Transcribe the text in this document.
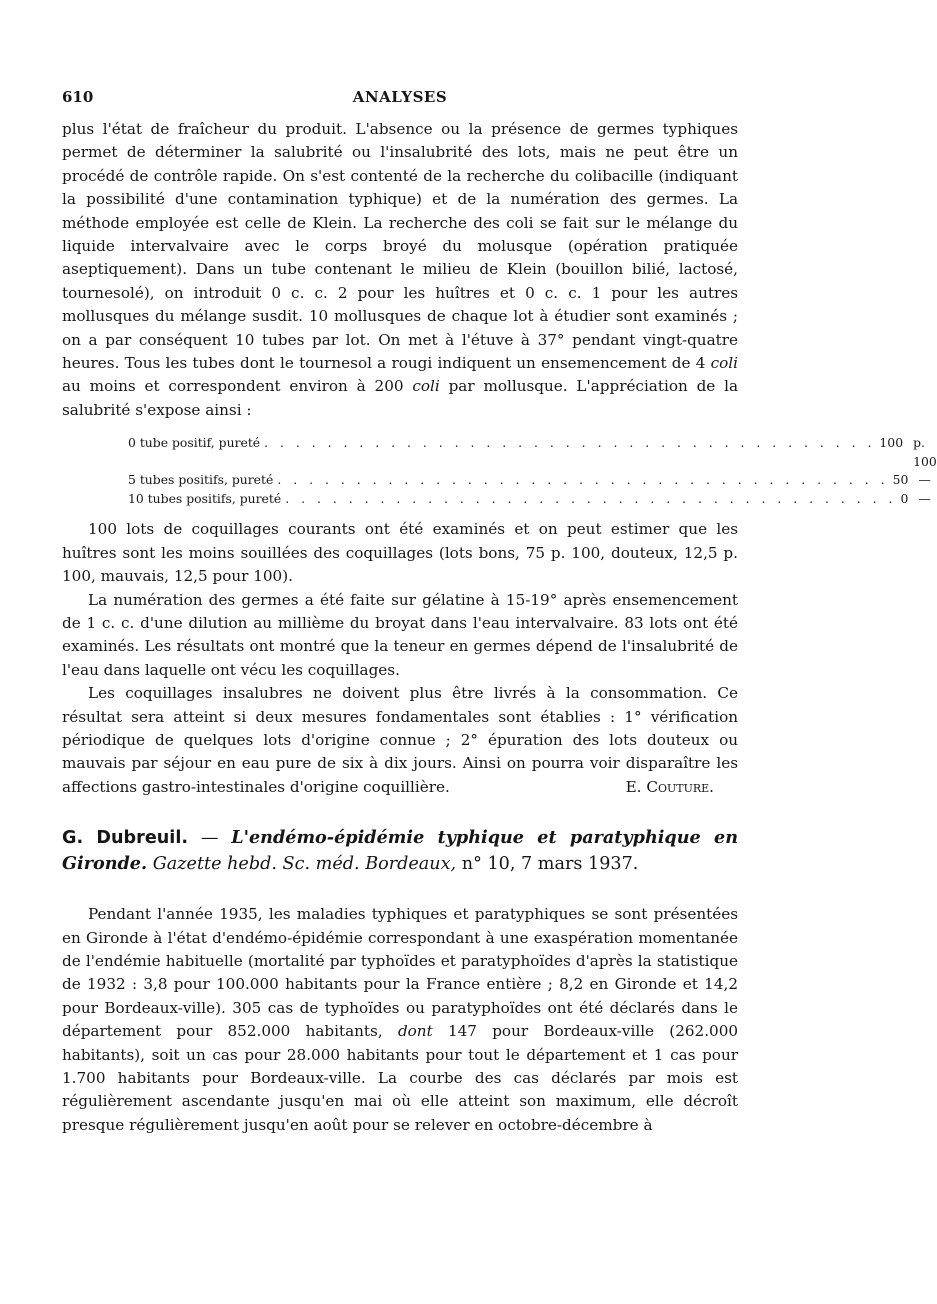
610	ANALYSES

plus l'état de fraîcheur du produit. L'absence ou la présence de germes typhiques permet de déterminer la salubrité ou l'insalubrité des lots, mais ne peut être un procédé de contrôle rapide. On s'est contenté de la recherche du colibacille (indiquant la possibilité d'une contamination typhique) et de la numération des germes. La méthode employée est celle de Klein. La recherche des coli se fait sur le mélange du liquide intervalvaire avec le corps broyé du molusque (opération pratiquée aseptiquement). Dans un tube contenant le milieu de Klein (bouillon bilié, lactosé, tournesolé), on introduit 0 c. c. 2 pour les huîtres et 0 c. c. 1 pour les autres mollusques du mélange susdit. 10 mollusques de chaque lot à étudier sont examinés ; on a par conséquent 10 tubes par lot. On met à l'étuve à 37° pendant vingt-quatre heures. Tous les tubes dont le tournesol a rougi indiquent un ensemencement de 4 coli au moins et correspondent environ à 200 coli par mollusque. L'appréciation de la salubrité s'expose ainsi :

0 tube positif, pureté . . . . . . . . . . . . . . . . . . . . . . . . . . . . . . . . . . . . . . . 100 p. 100
5 tubes positifs, pureté . . . . . . . . . . . . . . . . . . . . . . . . . . . . . . . . . . . . . . . 50 —
10 tubes positifs, pureté . . . . . . . . . . . . . . . . . . . . . . . . . . . . . . . . . . . . . . . 0 —

100 lots de coquillages courants ont été examinés et on peut estimer que les huîtres sont les moins souillées des coquillages (lots bons, 75 p. 100, douteux, 12,5 p. 100, mauvais, 12,5 pour 100).

La numération des germes a été faite sur gélatine à 15-19° après ensemencement de 1 c. c. d'une dilution au millième du broyat dans l'eau intervalvaire. 83 lots ont été examinés. Les résultats ont montré que la teneur en germes dépend de l'insalubrité de l'eau dans laquelle ont vécu les coquillages.

Les coquillages insalubres ne doivent plus être livrés à la consommation. Ce résultat sera atteint si deux mesures fondamentales sont établies : 1° vérification périodique de quelques lots d'origine connue ; 2° épuration des lots douteux ou mauvais par séjour en eau pure de six à dix jours. Ainsi on pourra voir disparaître les affections gastro-intestinales d'origine coquillière.	E. Couture.
G. Dubreuil. — L'endémo-épidémie typhique et paratyphique en Gironde. Gazette hebd. Sc. méd. Bordeaux, n° 10, 7 mars 1937.

Pendant l'année 1935, les maladies typhiques et paratyphiques se sont présentées en Gironde à l'état d'endémo-épidémie correspondant à une exaspération momentanée de l'endémie habituelle (mortalité par typhoïdes et paratyphoïdes d'après la statistique de 1932 : 3,8 pour 100.000 habitants pour la France entière ; 8,2 en Gironde et 14,2 pour Bordeaux-ville). 305 cas de typhoïdes ou paratyphoïdes ont été déclarés dans le département pour 852.000 habitants, dont 147 pour Bordeaux-ville (262.000 habitants), soit un cas pour 28.000 habitants pour tout le département et 1 cas pour 1.700 habitants pour Bordeaux-ville. La courbe des cas déclarés par mois est régulièrement ascendante jusqu'en mai où elle atteint son maximum, elle décroît presque régulièrement jusqu'en août pour se relever en octobre-décembre à
